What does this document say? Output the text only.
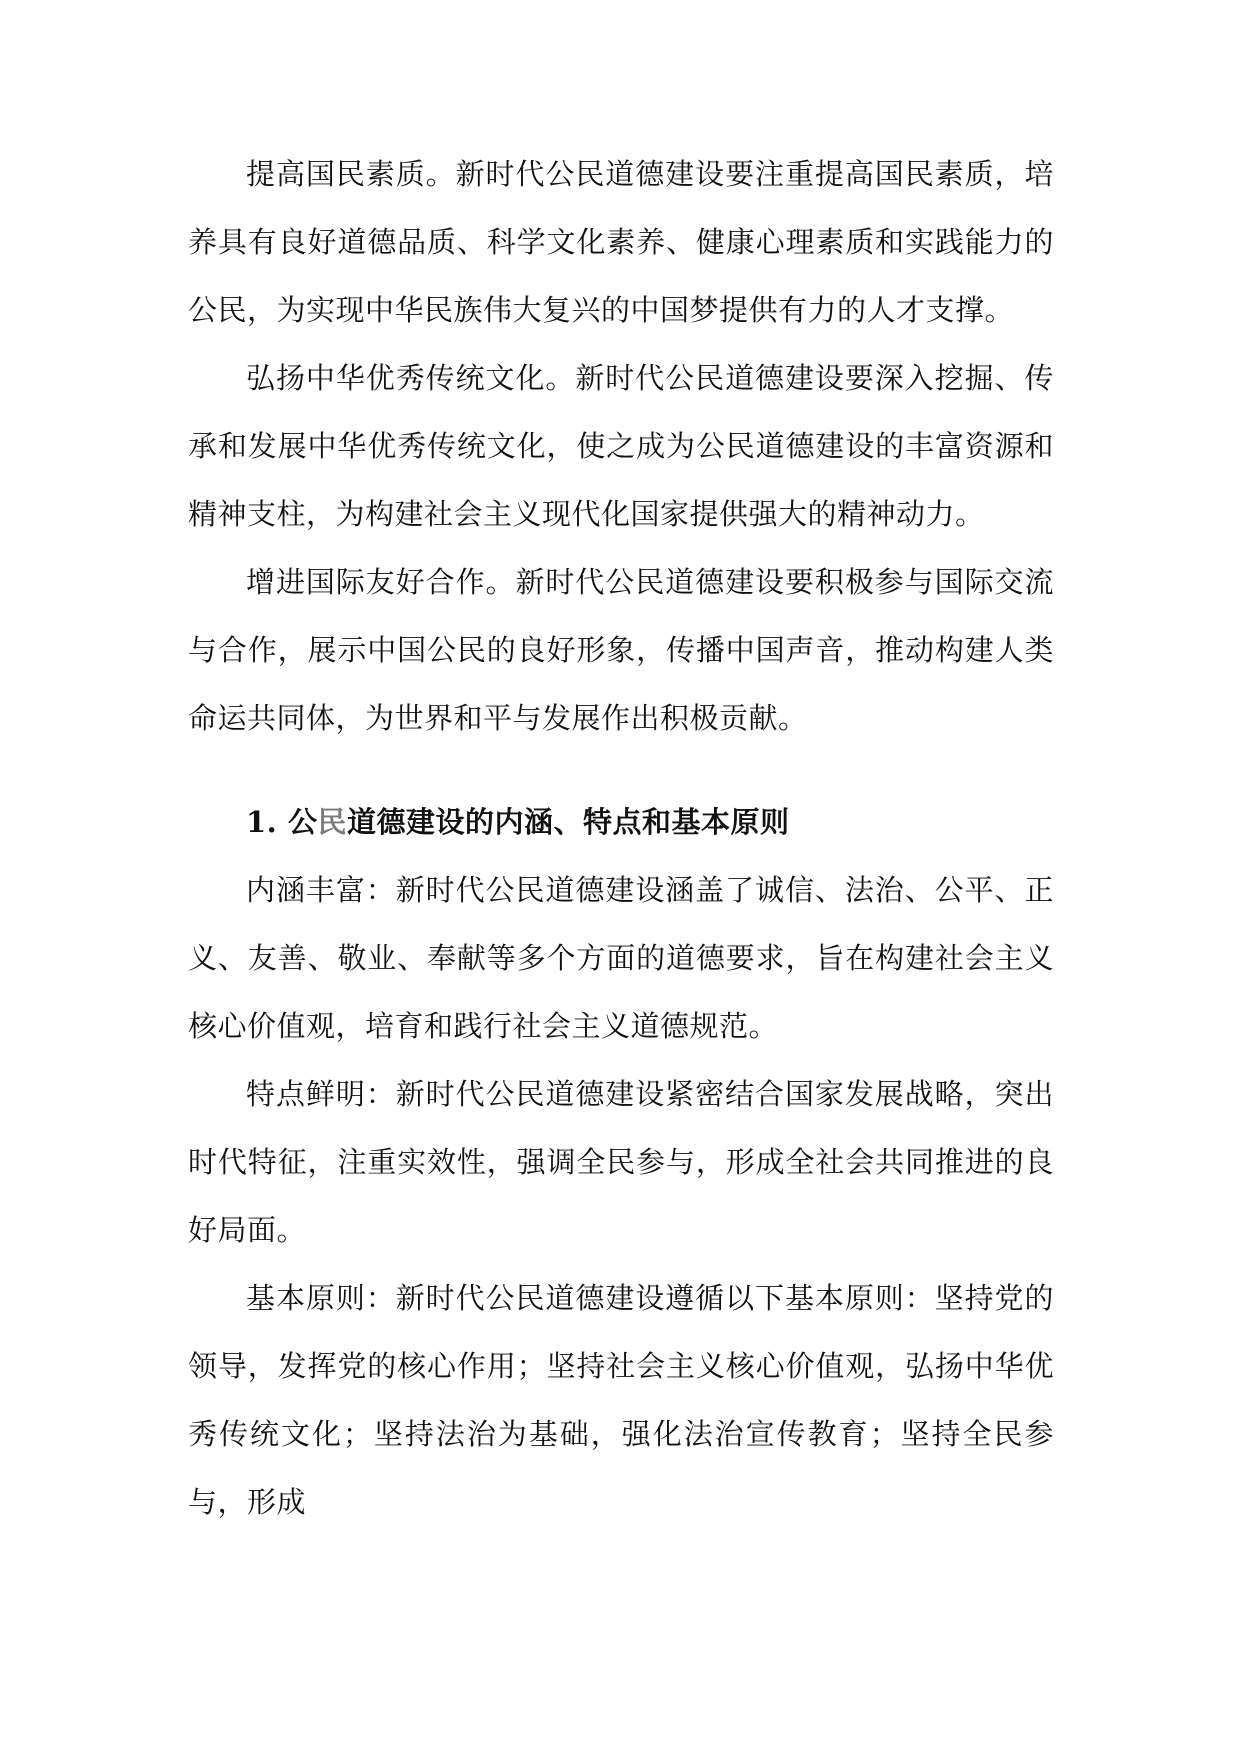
提高国民素质。新时代公民道德建设要注重提高国民素质，培养具有良好道德品质、科学文化素养、健康心理素质和实践能力的公民，为实现中华民族伟大复兴的中国梦提供有力的人才支撑。

弘扬中华优秀传统文化。新时代公民道德建设要深入挖掘、传承和发展中华优秀传统文化，使之成为公民道德建设的丰富资源和精神支柱，为构建社会主义现代化国家提供强大的精神动力。

增进国际友好合作。新时代公民道德建设要积极参与国际交流与合作，展示中国公民的良好形象，传播中国声音，推动构建人类命运共同体，为世界和平与发展作出积极贡献。

1. 公民道德建设的内涵、特点和基本原则

内涵丰富：新时代公民道德建设涵盖了诚信、法治、公平、正义、友善、敬业、奉献等多个方面的道德要求，旨在构建社会主义核心价值观，培育和践行社会主义道德规范。

特点鲜明：新时代公民道德建设紧密结合国家发展战略，突出时代特征，注重实效性，强调全民参与，形成全社会共同推进的良好局面。

基本原则：新时代公民道德建设遵循以下基本原则：坚持党的领导，发挥党的核心作用；坚持社会主义核心价值观，弘扬中华优秀传统文化；坚持法治为基础，强化法治宣传教育；坚持全民参与，形成
